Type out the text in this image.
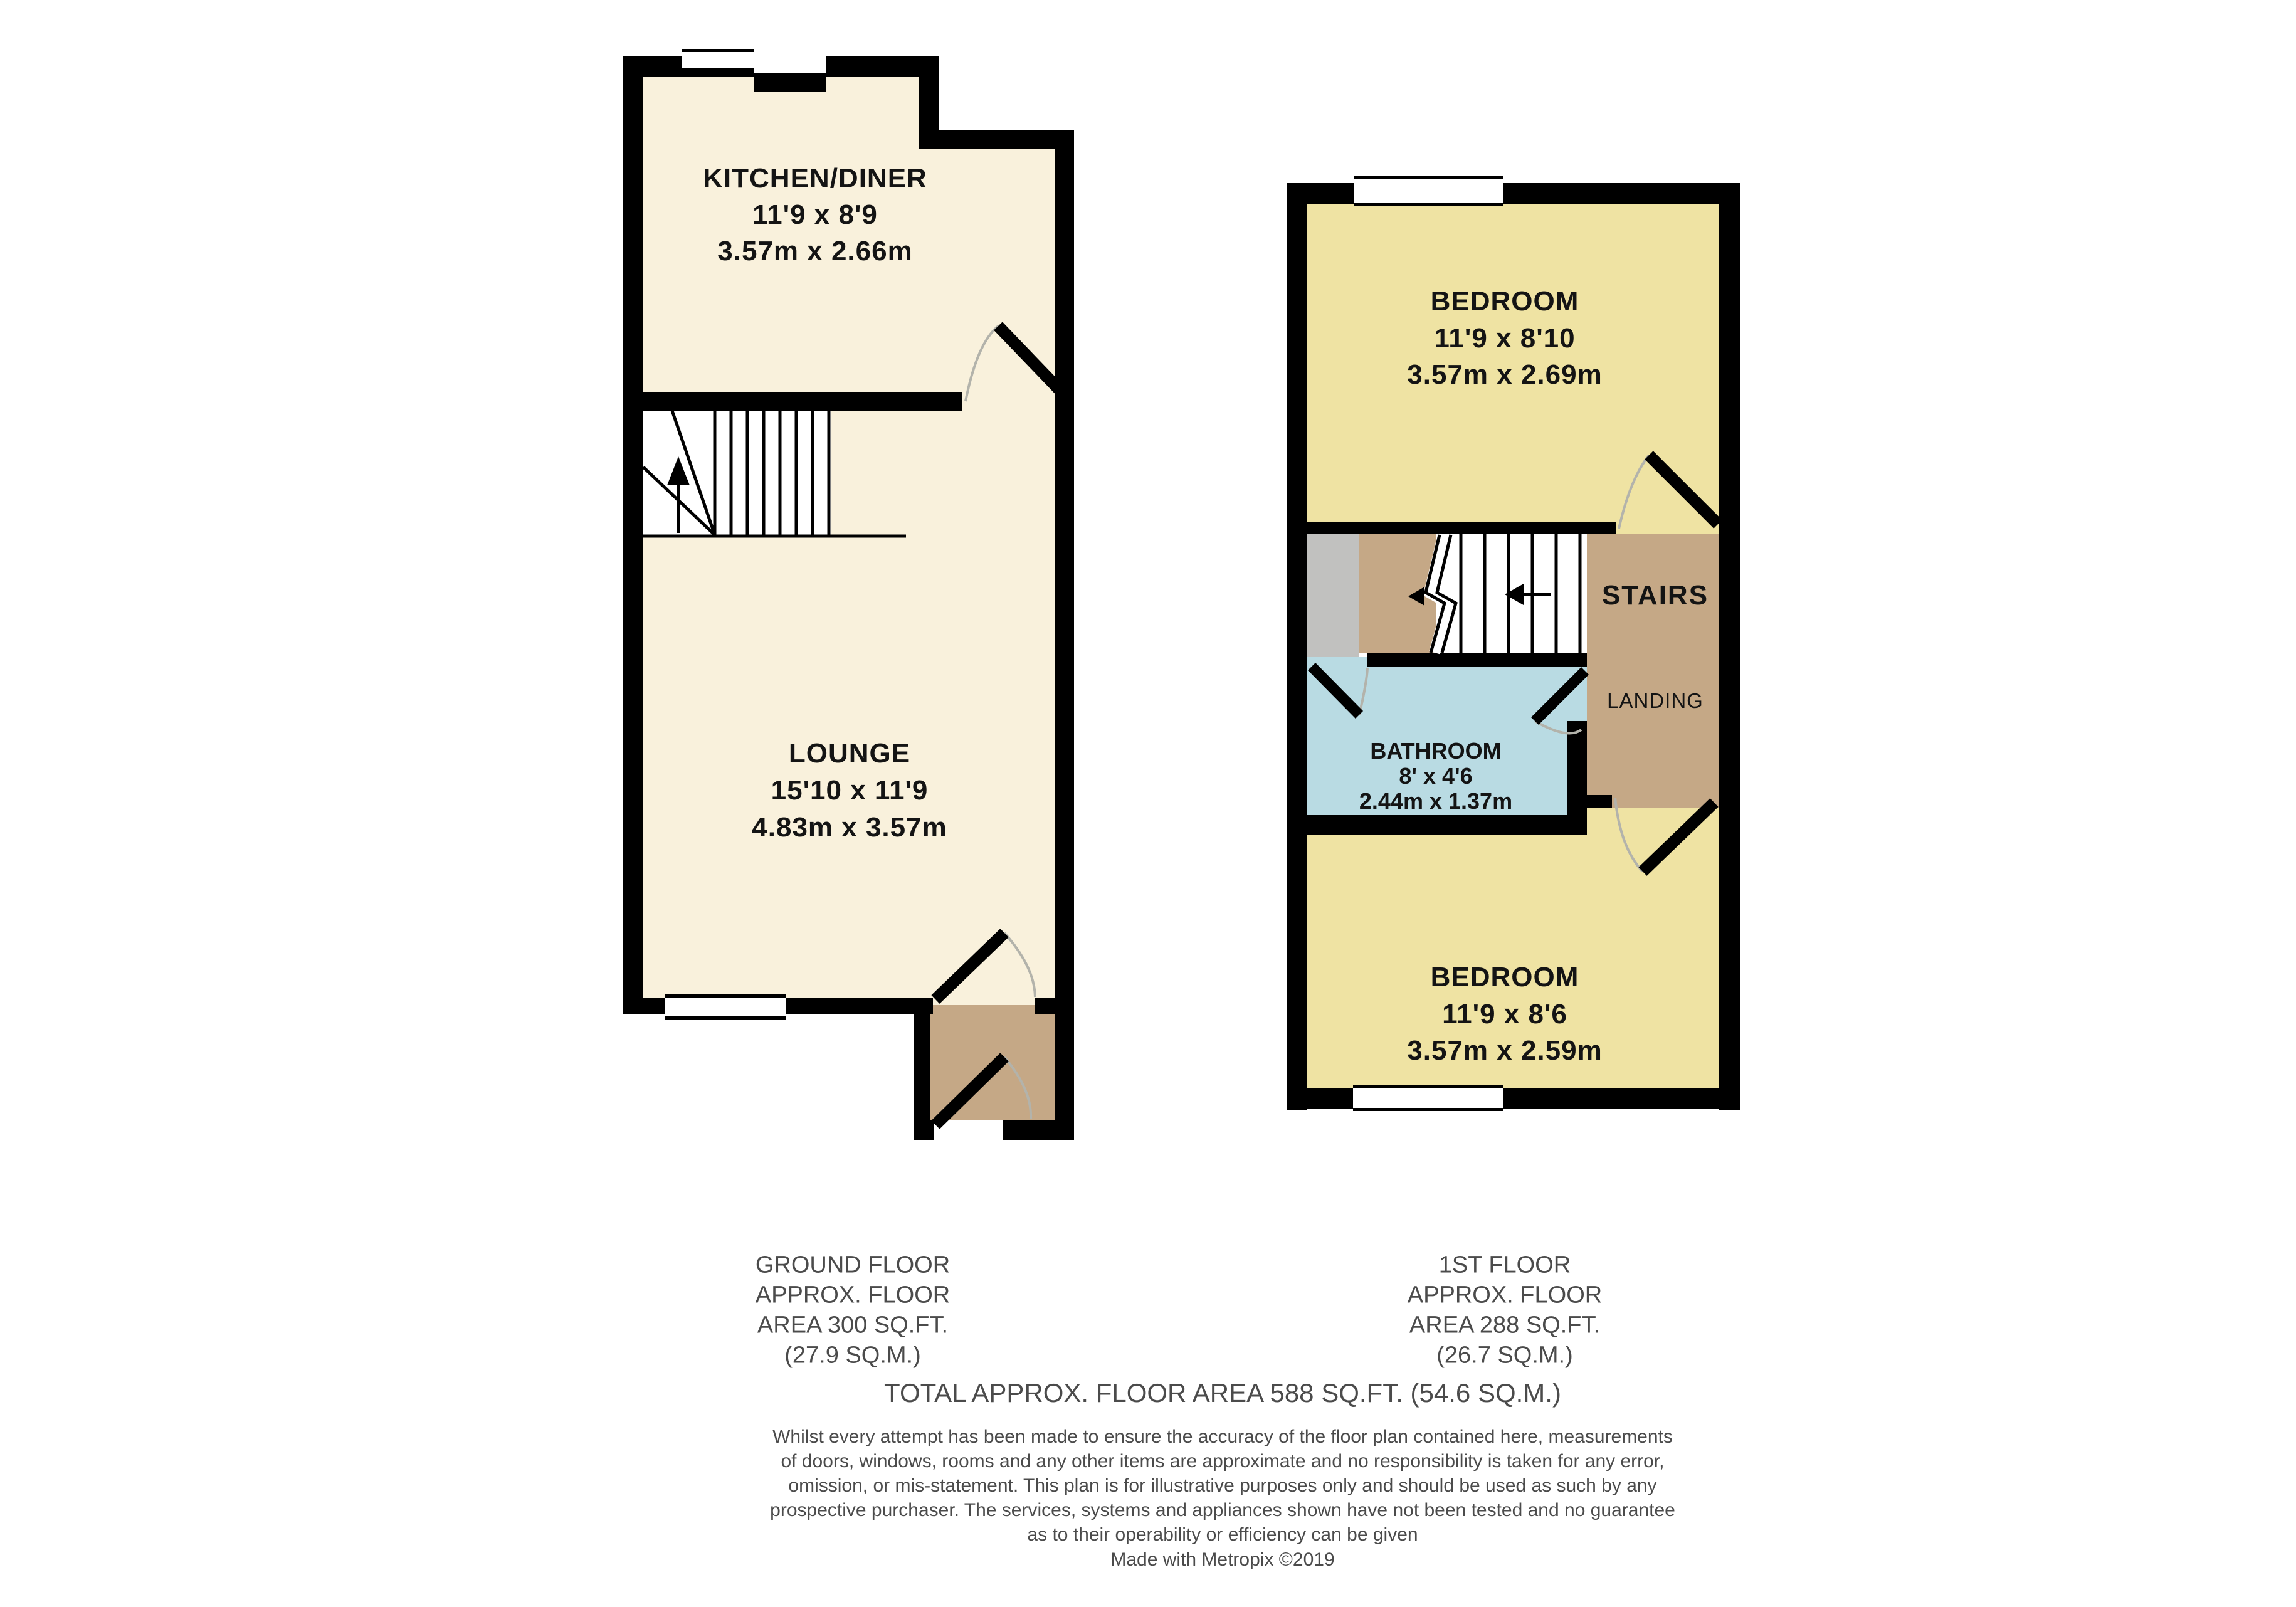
KITCHEN/DINER
11'9 x 8'9
3.57m x 2.66m
LOUNGE
15'10 x 11'9
4.83m x 3.57m
BEDROOM
11'9 x 8'10
3.57m x 2.69m
STAIRS
LANDING
BATHROOM
8' x 4'6
2.44m x 1.37m
BEDROOM
11'9 x 8'6
3.57m x 2.59m
GROUND FLOOR
APPROX. FLOOR
AREA 300 SQ.FT.
(27.9 SQ.M.)
1ST FLOOR
APPROX. FLOOR
AREA 288 SQ.FT.
(26.7 SQ.M.)
TOTAL APPROX. FLOOR AREA 588 SQ.FT. (54.6 SQ.M.)
Whilst every attempt has been made to ensure the accuracy of the floor plan contained here, measurements
of doors, windows, rooms and any other items are approximate and no responsibility is taken for any error,
omission, or mis-statement. This plan is for illustrative purposes only and should be used as such by any
prospective purchaser. The services, systems and appliances shown have not been tested and no guarantee
as to their operability or efficiency can be given
Made with Metropix ©2019
